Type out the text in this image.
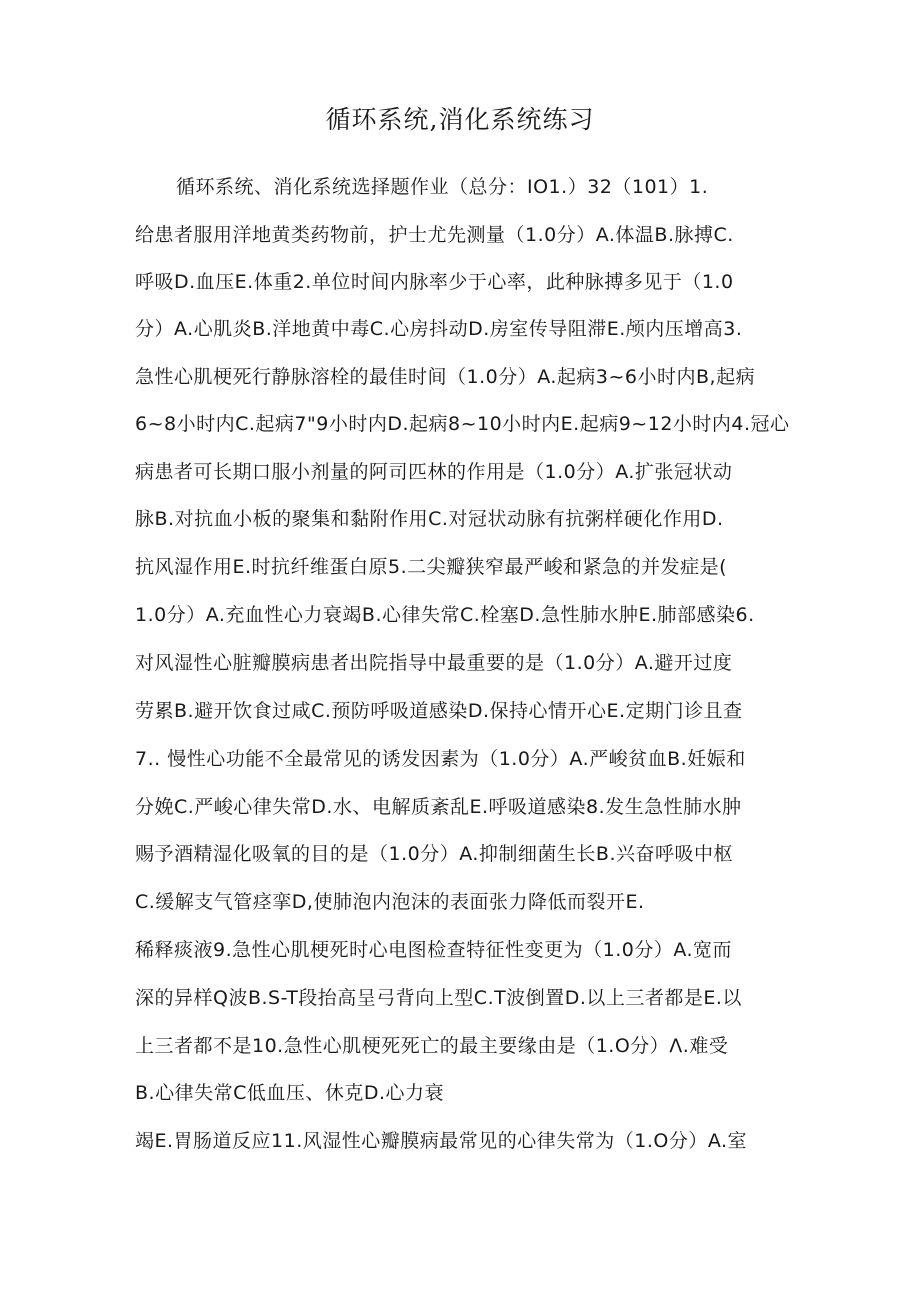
循环系统,消化系统练习
循环系统、消化系统选择题作业（总分：IO1.）32（101）1.
给患者服用洋地黄类药物前，护士尤先测量（1.0分）A.体温B.脉搏C.
呼吸D.血压E.体重2.单位时间内脉率少于心率，此种脉搏多见于（1.0
分）A.心肌炎B.洋地黄中毒C.心房抖动D.房室传导阻滞E.颅内压增高3.
急性心肌梗死行静脉溶栓的最佳时间（1.0分）A.起病3~6小时内B,起病
6~8小时内C.起病7"9小时内D.起病8~10小时内E.起病9~12小时内4.冠心
病患者可长期口服小剂量的阿司匹林的作用是（1.0分）A.扩张冠状动
脉B.对抗血小板的聚集和黏附作用C.对冠状动脉有抗粥样硬化作用D.
抗风湿作用E.时抗纤维蛋白原5.二尖瓣狭窄最严峻和紧急的并发症是(
1.0分）A.充血性心力衰竭B.心律失常C.栓塞D.急性肺水肿E.肺部感染6.
对风湿性心脏瓣膜病患者出院指导中最重要的是（1.0分）A.避开过度
劳累B.避开饮食过咸C.预防呼吸道感染D.保持心情开心E.定期门诊且查
7.. 慢性心功能不全最常见的诱发因素为（1.0分）A.严峻贫血B.妊娠和
分娩C.严峻心律失常D.水、电解质紊乱E.呼吸道感染8.发生急性肺水肿
赐予酒精湿化吸氧的目的是（1.0分）A.抑制细菌生长B.兴奋呼吸中枢
C.缓解支气管痉挛D,使肺泡内泡沫的表面张力降低而裂开E.
稀释痰液9.急性心肌梗死时心电图检查特征性变更为（1.0分）A.宽而
深的异样Q波B.S-T段抬高呈弓背向上型C.T波倒置D.以上三者都是E.以
上三者都不是10.急性心肌梗死死亡的最主要缘由是（1.O分）Λ.难受
B.心律失常C低血压、休克D.心力衰
竭E.胃肠道反应11.风湿性心瓣膜病最常见的心律失常为（1.O分）A.室
